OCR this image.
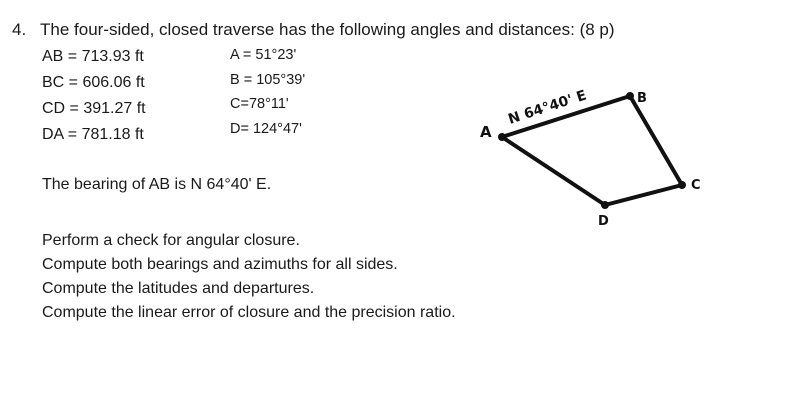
4. The four-sided, closed traverse has the following angles and distances: (8 p)
AB = 713.93 ft
BC = 606.06 ft
CD = 391.27 ft
DA = 781.18 ft
A = 51°23'
B = 105°39'
C=78°11'
D= 124°47'
The bearing of AB is N 64°40' E.
Perform a check for angular closure.
Compute both bearings and azimuths for all sides.
Compute the latitudes and departures.
Compute the linear error of closure and the precision ratio.
A
B
C
D
N 64°40' E
